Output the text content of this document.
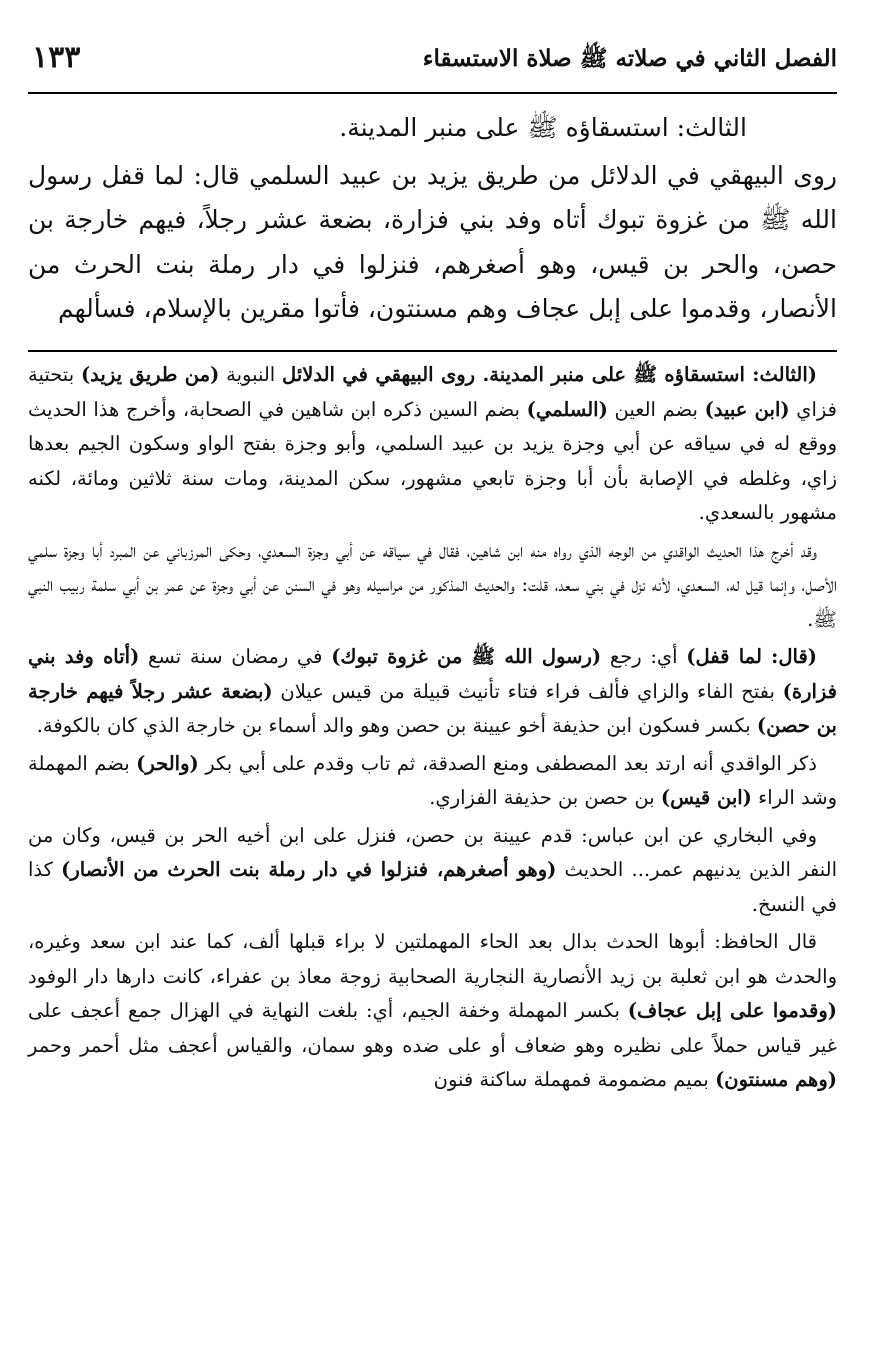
الفصل الثاني في صلاته ﷺ صلاة الاستسقاء
١٣٣

الثالث: استسقاؤه ﷺ على منبر المدينة.

روى البيهقي في الدلائل من طريق يزيد بن عبيد السلمي قال: لما قفل رسول الله ﷺ من غزوة تبوك أتاه وفد بني فزارة، بضعة عشر رجلاً، فيهم خارجة بن حصن، والحر بن قيس، وهو أصغرهم، فنزلوا في دار رملة بنت الحرث من الأنصار، وقدموا على إبل عجاف وهم مسنتون، فأتوا مقرين بالإسلام، فسألهم

(الثالث: استسقاؤه ﷺ على منبر المدينة. روى البيهقي في الدلائل النبوية (من طريق يزيد) بتحتية فزاي (ابن عبيد) بضم العين (السلمي) بضم السين ذكره ابن شاهين في الصحابة، وأخرج هذا الحديث ووقع له في سياقه عن أبي وجزة يزيد بن عبيد السلمي، وأبو وجزة بفتح الواو وسكون الجيم بعدها زاي، وغلطه في الإصابة بأن أبا وجزة تابعي مشهور، سكن المدينة، ومات سنة ثلاثين ومائة، لكنه مشهور بالسعدي.

وقد أخرج هذا الحديث الواقدي من الوجه الذي رواه منه ابن شاهين، فقال في سياقه عن أبي وجزة السعدي، وحكى المرزباني عن المبرد أبا وجزة سلمي الأصل، وإنما قيل له، السعدي، لأنه نزل في بني سعد، قلت: والحديث المذكور من مراسيله وهو في السنن عن أبي وجزة عن عمر بن أبي سلمة ربيب النبي ﷺ.

(قال: لما قفل) أي: رجع (رسول الله ﷺ من غزوة تبوك) في رمضان سنة تسع (أتاه وفد بني فزارة) بفتح الفاء والزاي فألف فراء فتاء تأنيث قبيلة من قيس عيلان (بضعة عشر رجلاً فيهم خارجة بن حصن) بكسر فسكون ابن حذيفة أخو عيينة بن حصن وهو والد أسماء بن خارجة الذي كان بالكوفة.

ذكر الواقدي أنه ارتد بعد المصطفى ومنع الصدقة، ثم تاب وقدم على أبي بكر (والحر) بضم المهملة وشد الراء (ابن قيس) بن حصن بن حذيفة الفزاري.

وفي البخاري عن ابن عباس: قدم عيينة بن حصن، فنزل على ابن أخيه الحر بن قيس، وكان من النفر الذين يدنيهم عمر... الحديث (وهو أصغرهم، فنزلوا في دار رملة بنت الحرث من الأنصار) كذا في النسخ.

قال الحافظ: أبوها الحدث بدال بعد الحاء المهملتين لا براء قبلها ألف، كما عند ابن سعد وغيره، والحدث هو ابن ثعلبة بن زيد الأنصارية النجارية الصحابية زوجة معاذ بن عفراء، كانت دارها دار الوفود (وقدموا على إبل عجاف) بكسر المهملة وخفة الجيم، أي: بلغت النهاية في الهزال جمع أعجف على غير قياس حملاً على نظيره وهو ضعاف أو على ضده وهو سمان، والقياس أعجف مثل أحمر وحمر (وهم مسنتون) بميم مضمومة فمهملة ساكنة فنون
